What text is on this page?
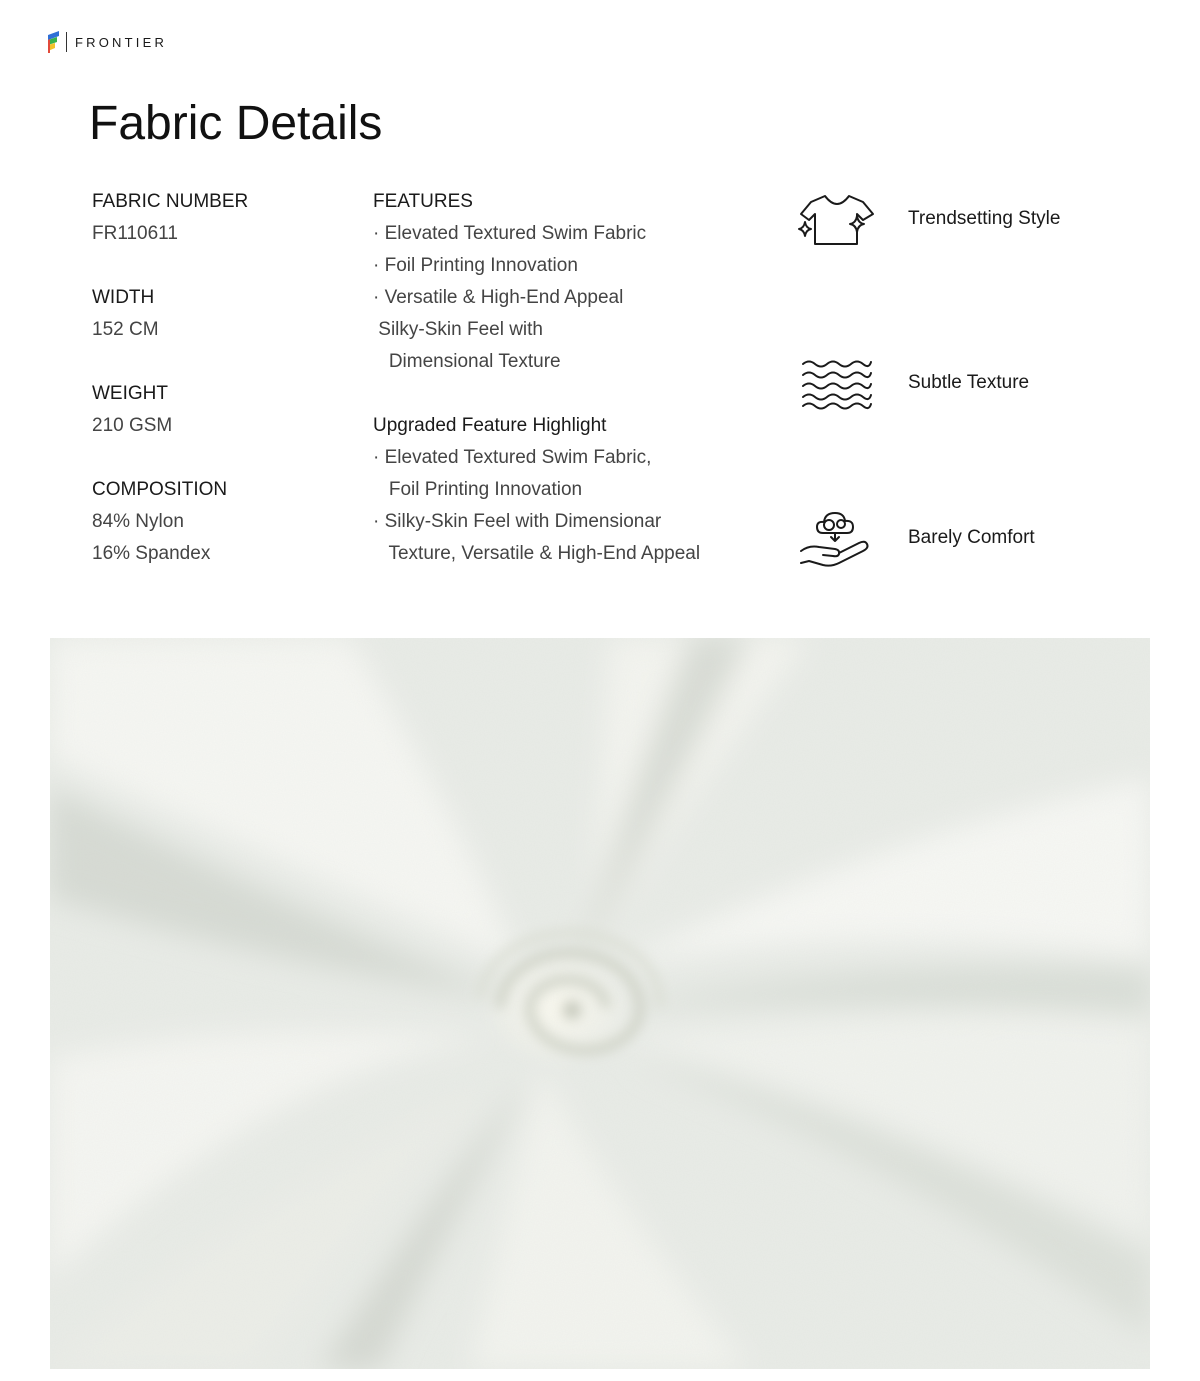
FRONTIER
Fabric Details
FABRIC NUMBER
FR110611
WIDTH
152 CM
WEIGHT
210 GSM
COMPOSITION
84% Nylon
16% Spandex
FEATURES
· Elevated Textured Swim Fabric
· Foil Printing Innovation
· Versatile & High-End Appeal
Silky-Skin Feel with
Dimensional Texture
Upgraded Feature Highlight
· Elevated Textured Swim Fabric,
Foil Printing Innovation
· Silky-Skin Feel with Dimensionar
Texture, Versatile & High-End Appeal
Trendsetting Style
Subtle Texture
Barely Comfort
